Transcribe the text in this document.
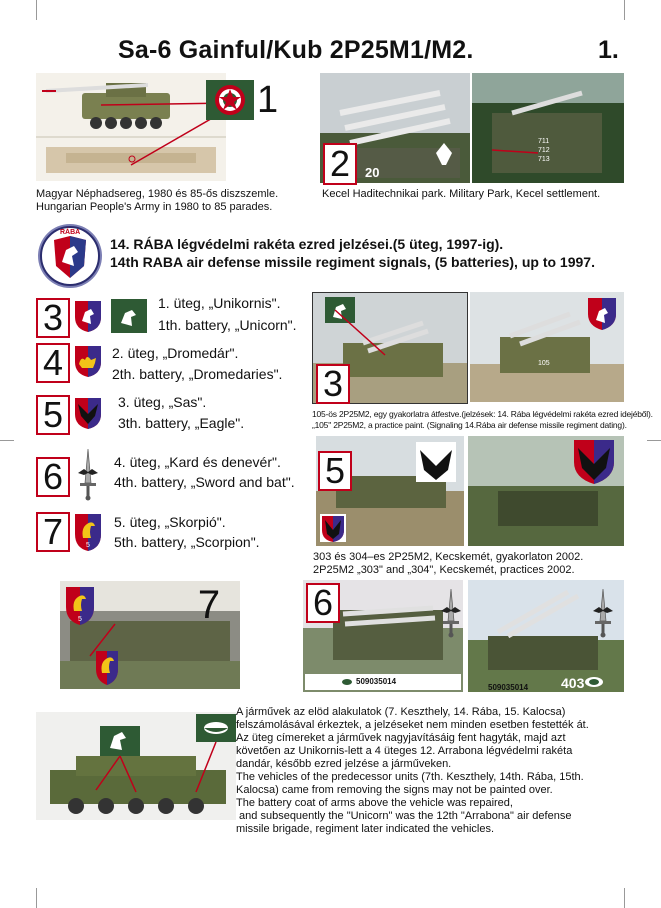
Sa-6 Gainful/Kub 2P25M1/M2.	1.
1
Magyar Néphadsereg, 1980 és 85-ős diszszemle.
Hungarian People's Army in 1980 to 85 parades.
2	20
711
712
713
Kecel Haditechnikai park. Military Park, Kecel settlement.
RÁBA
14. RÁBA légvédelmi rakéta ezred jelzései.(5 üteg, 1997-ig).
14th RABA air defense missile regiment signals, (5 batteries), up to 1997.
3	1. üteg, „Unikornis".
1th. battery, „Unicorn".
4	2. üteg, „Dromedár".
2th. battery, „Dromedaries".
5	3. üteg, „Sas".
3th. battery, „Eagle".
6	4. üteg, „Kard és denevér".
4th. battery, „Sword and bat".
7	5
5. üteg, „Skorpió".
5th. battery, „Scorpion".
3	105
105-ös 2P25M2, egy gyakorlatra átfestve.(jelzések: 14. Rába légvédelmi rakéta ezred idejéből).
„105" 2P25M2, a practice paint. (Signaling 14.Rába air defense missile regiment dating).
5
303 és 304–es 2P25M2, Kecskemét, gyakorlaton 2002.
2P25M2 „303" and „304", Kecskemét, practices 2002.
5	7	6
403	509035014	403
509035014
A járművek az elöd alakulatok (7. Keszthely, 14. Rába, 15. Kalocsa)
felszámolásával érkeztek, a jelzéseket nem minden esetben festették át.
Az üteg címereket a járművek nagyjavításáig fent hagyták, majd azt
követően az Unikornis-lett a 4 üteges 12. Arrabona légvédelmi rakéta
dandár, később ezred jelzése a járműveken.
The vehicles of the predecessor units (7th. Keszthely, 14th. Rába, 15th.
Kalocsa) came from removing the signs may not be painted over.
The battery coat of arms above the vehicle was repaired,
and subsequently the "Unicorn" was the 12th "Arrabona" air defense
missile brigade, regiment later indicated the vehicles.
